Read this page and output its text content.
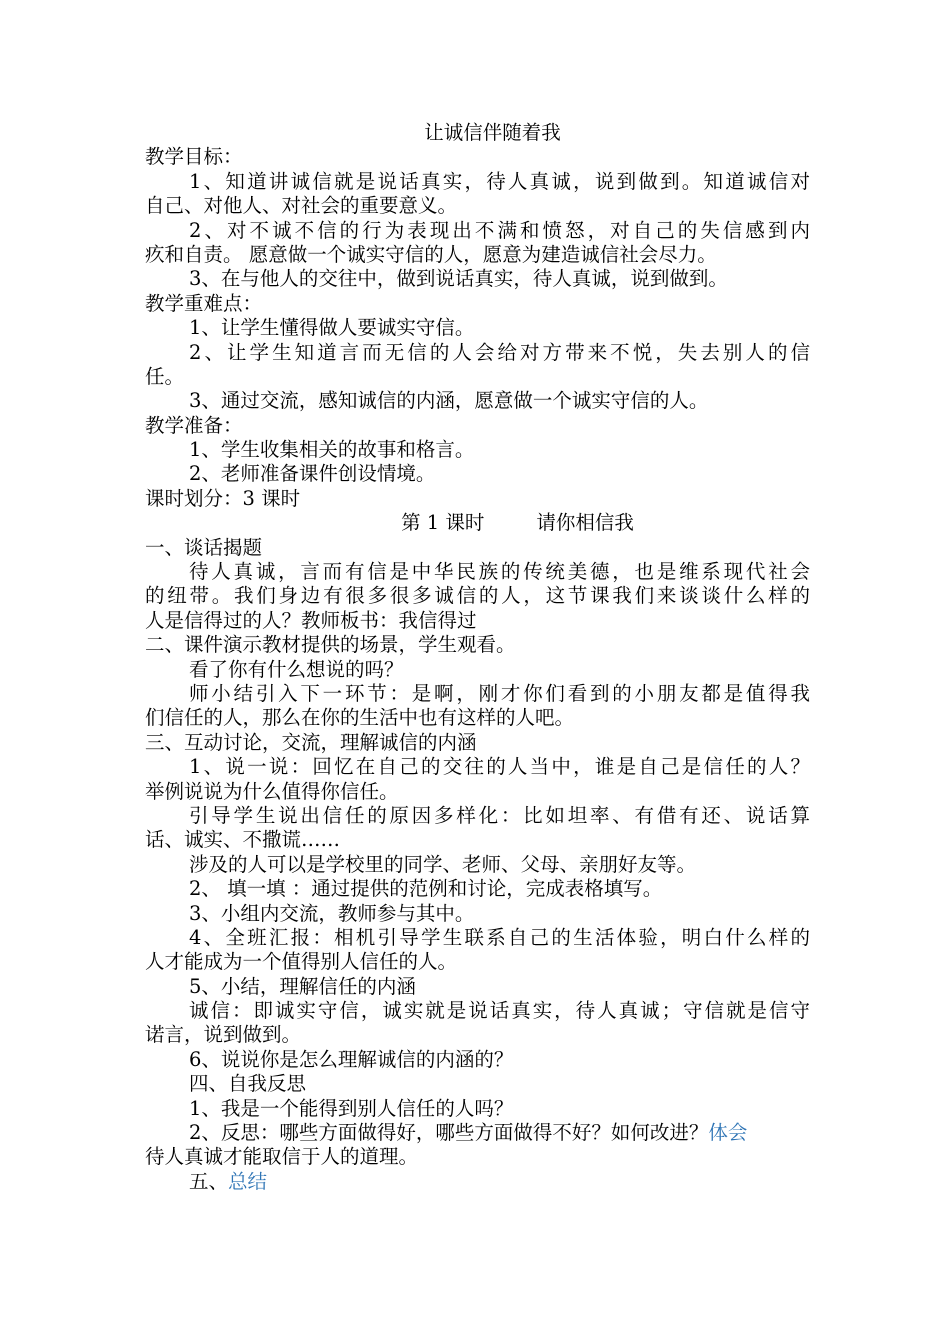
让诚信伴随着我
教学目标：
1、知道讲诚信就是说话真实，待人真诚，说到做到。知道诚信对
自己、对他人、对社会的重要意义。
2、对不诚不信的行为表现出不满和愤怒，对自己的失信感到内
疚和自责。 愿意做一个诚实守信的人，愿意为建造诚信社会尽力。
3、在与他人的交往中，做到说话真实，待人真诚，说到做到。
教学重难点：
1、让学生懂得做人要诚实守信。
2、让学生知道言而无信的人会给对方带来不悦，失去别人的信
任。
3、通过交流，感知诚信的内涵，愿意做一个诚实守信的人。
教学准备：
1、学生收集相关的故事和格言。
2、老师准备课件创设情境。
课时划分：3 课时
第 1 课时	请你相信我
一、谈话揭题
待人真诚，言而有信是中华民族的传统美德，也是维系现代社会
的纽带。我们身边有很多很多诚信的人，这节课我们来谈谈什么样的
人是信得过的人？教师板书：我信得过
二、课件演示教材提供的场景，学生观看。
看了你有什么想说的吗？
师小结引入下一环节：是啊，刚才你们看到的小朋友都是值得我
们信任的人，那么在你的生活中也有这样的人吧。
三、互动讨论，交流，理解诚信的内涵
1、说一说：回忆在自己的交往的人当中，谁是自己是信任的人？
举例说说为什么值得你信任。
引导学生说出信任的原因多样化：比如坦率、有借有还、说话算
话、诚实、不撒谎……
涉及的人可以是学校里的同学、老师、父母、亲朋好友等。
2、 填一填 ：通过提供的范例和讨论，完成表格填写。
3、小组内交流，教师参与其中。
4、全班汇报：相机引导学生联系自己的生活体验，明白什么样的
人才能成为一个值得别人信任的人。
5、小结，理解信任的内涵
诚信：即诚实守信，诚实就是说话真实，待人真诚；守信就是信守
诺言，说到做到。
6、说说你是怎么理解诚信的内涵的？
四、自我反思
1、我是一个能得到别人信任的人吗？
2、反思：哪些方面做得好，哪些方面做得不好？如何改进？体会
待人真诚才能取信于人的道理。
五、总结
